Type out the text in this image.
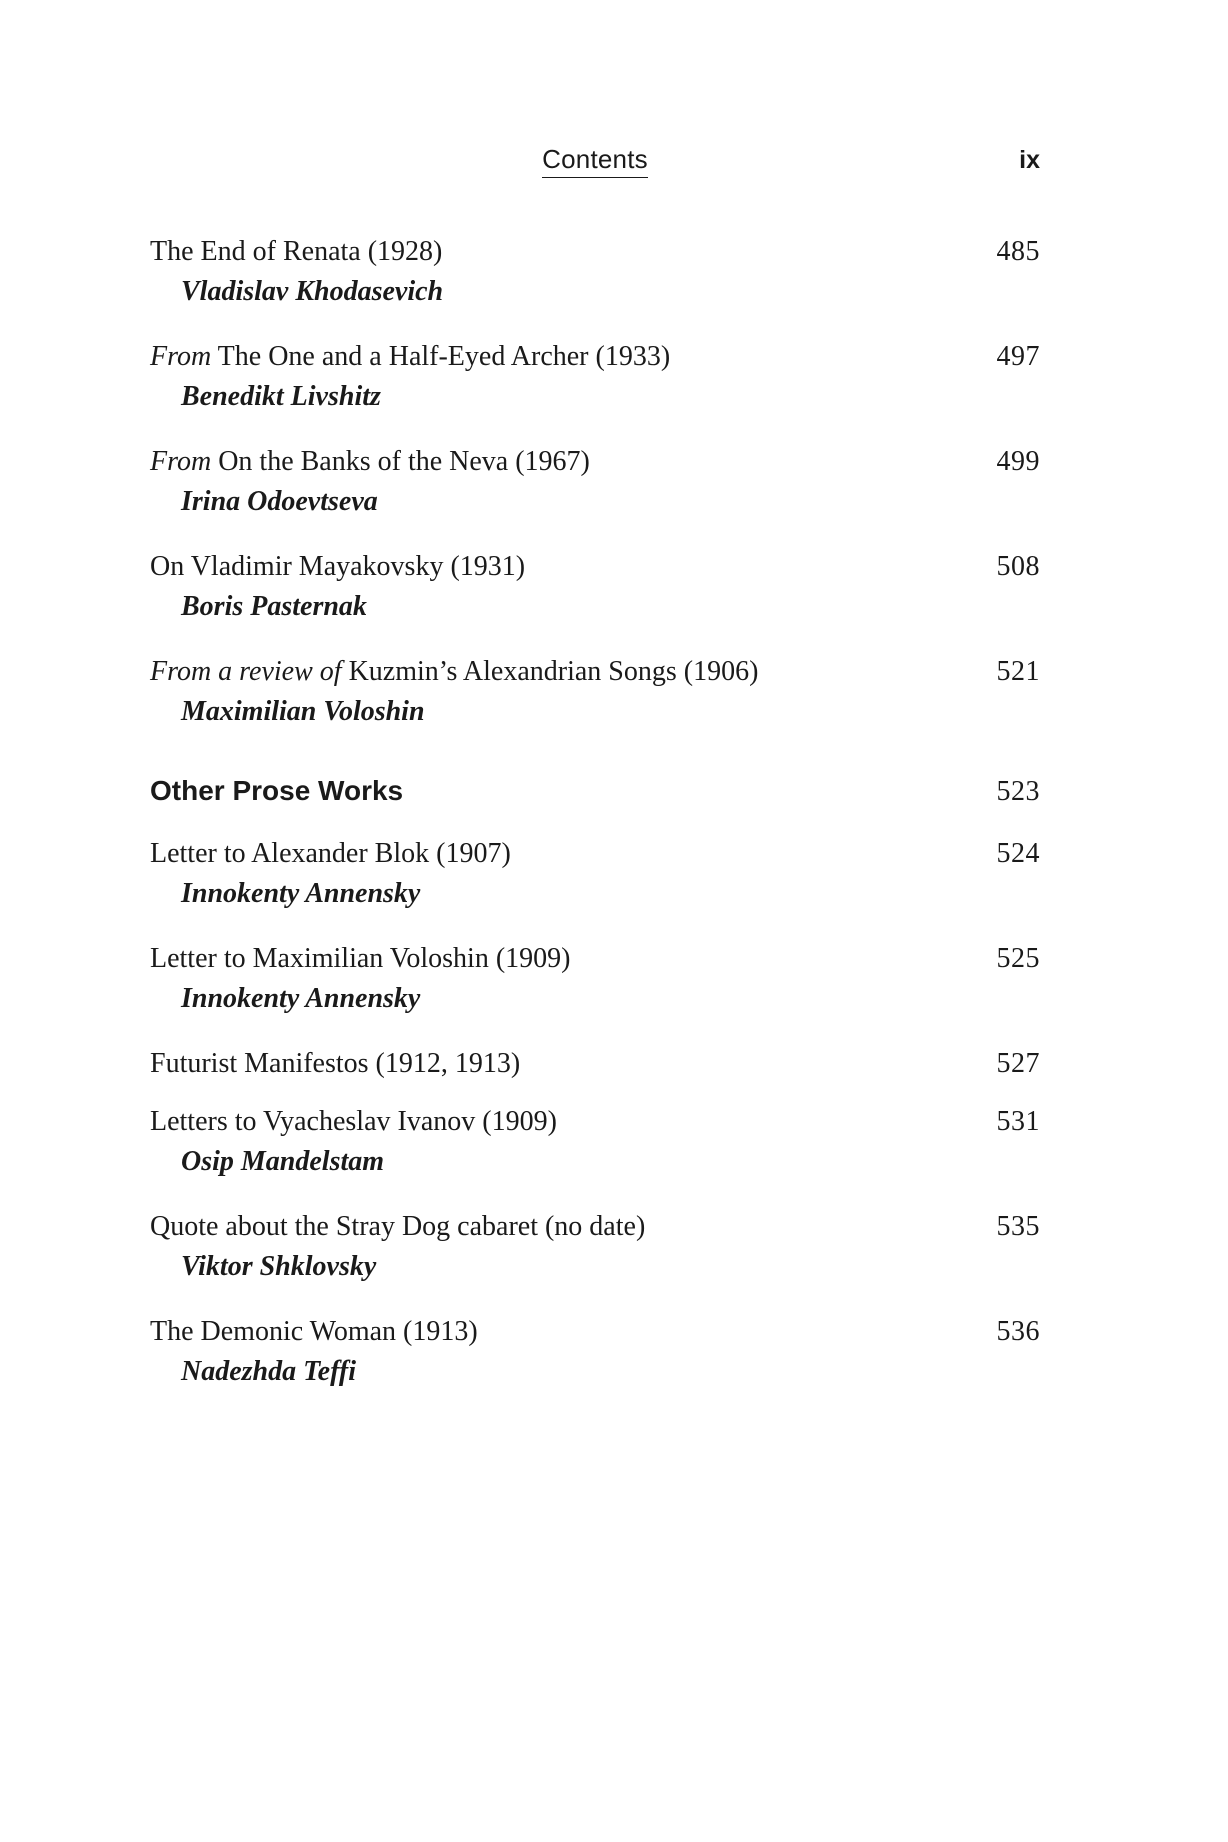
Contents	ix
The End of Renata (1928)	485
Vladislav Khodasevich
From The One and a Half-Eyed Archer (1933)	497
Benedikt Livshitz
From On the Banks of the Neva (1967)	499
Irina Odoevtseva
On Vladimir Mayakovsky (1931)	508
Boris Pasternak
From a review of Kuzmin’s Alexandrian Songs (1906)	521
Maximilian Voloshin
Other Prose Works	523
Letter to Alexander Blok (1907)	524
Innokenty Annensky
Letter to Maximilian Voloshin (1909)	525
Innokenty Annensky
Futurist Manifestos (1912, 1913)	527
Letters to Vyacheslav Ivanov (1909)	531
Osip Mandelstam
Quote about the Stray Dog cabaret (no date)	535
Viktor Shklovsky
The Demonic Woman (1913)	536
Nadezhda Teffi
